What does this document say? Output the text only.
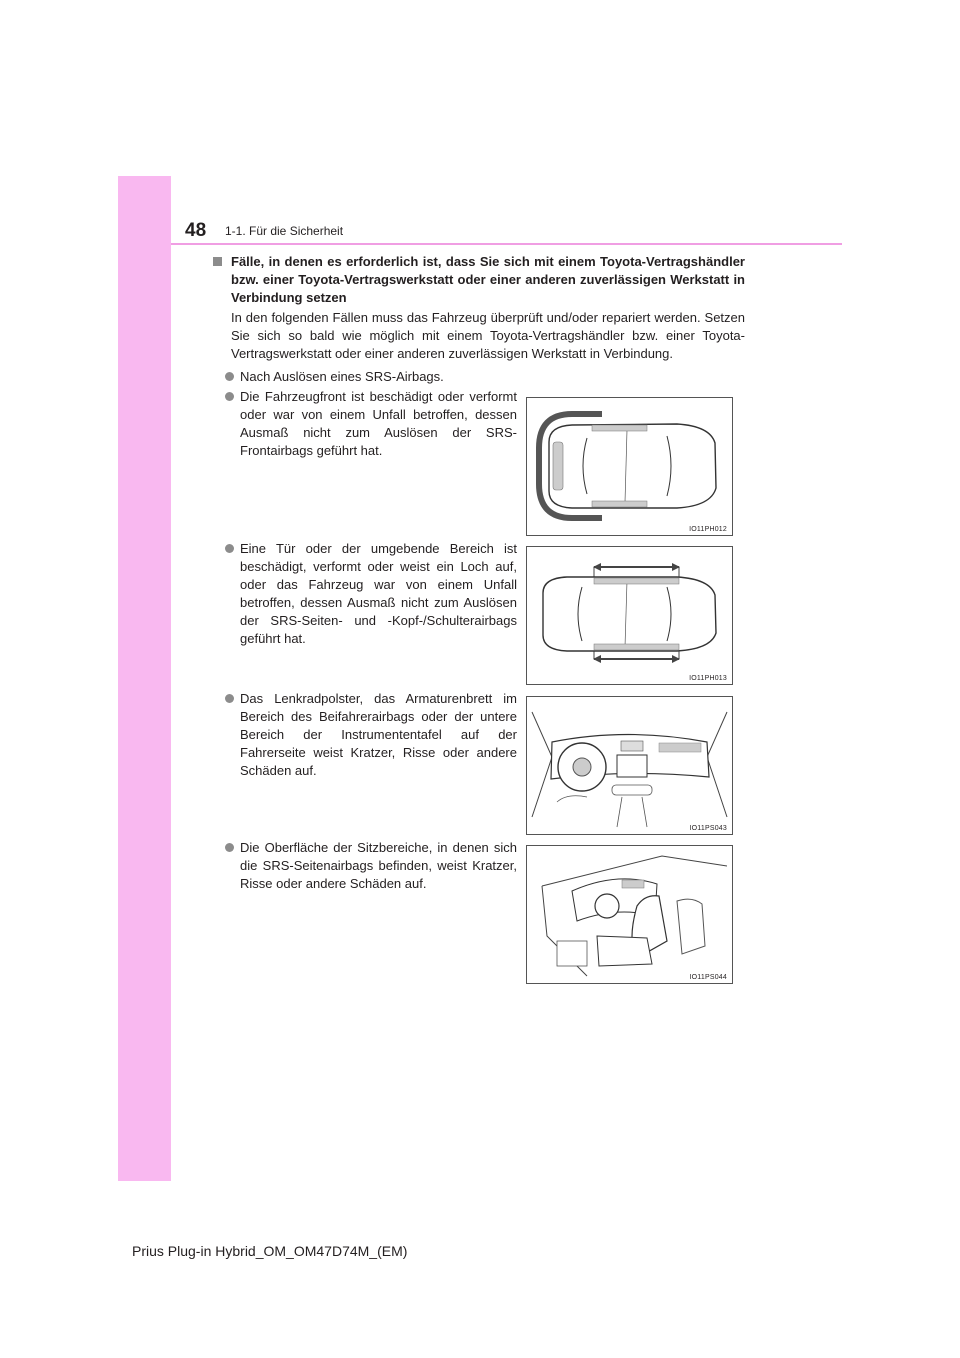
48 1-1. Für die Sicherheit
Fälle, in denen es erforderlich ist, dass Sie sich mit einem Toyota-Vertragshändler bzw. einer Toyota-Vertragswerkstatt oder einer anderen zuverlässigen Werkstatt in Verbindung setzen
In den folgenden Fällen muss das Fahrzeug überprüft und/oder repariert werden. Setzen Sie sich so bald wie möglich mit einem Toyota-Vertragshändler bzw. einer Toyota-Vertragswerkstatt oder einer anderen zuverlässigen Werkstatt in Verbindung.
Nach Auslösen eines SRS-Airbags.
Die Fahrzeugfront ist beschädigt oder verformt oder war von einem Unfall betroffen, dessen Ausmaß nicht zum Auslösen der SRS-Frontairbags geführt hat.
Eine Tür oder der umgebende Bereich ist beschädigt, verformt oder weist ein Loch auf, oder das Fahrzeug war von einem Unfall betroffen, dessen Ausmaß nicht zum Auslösen der SRS-Seiten- und -Kopf-/Schulterairbags geführt hat.
Das Lenkradpolster, das Armaturenbrett im Bereich des Beifahrerairbags oder der untere Bereich der Instrumententafel auf der Fahrerseite weist Kratzer, Risse oder andere Schäden auf.
Die Oberfläche der Sitzbereiche, in denen sich die SRS-Seitenairbags befinden, weist Kratzer, Risse oder andere Schäden auf.
IO11PH012
IO11PH013
IO11PS043
IO11PS044
Prius Plug-in Hybrid_OM_OM47D74M_(EM)
